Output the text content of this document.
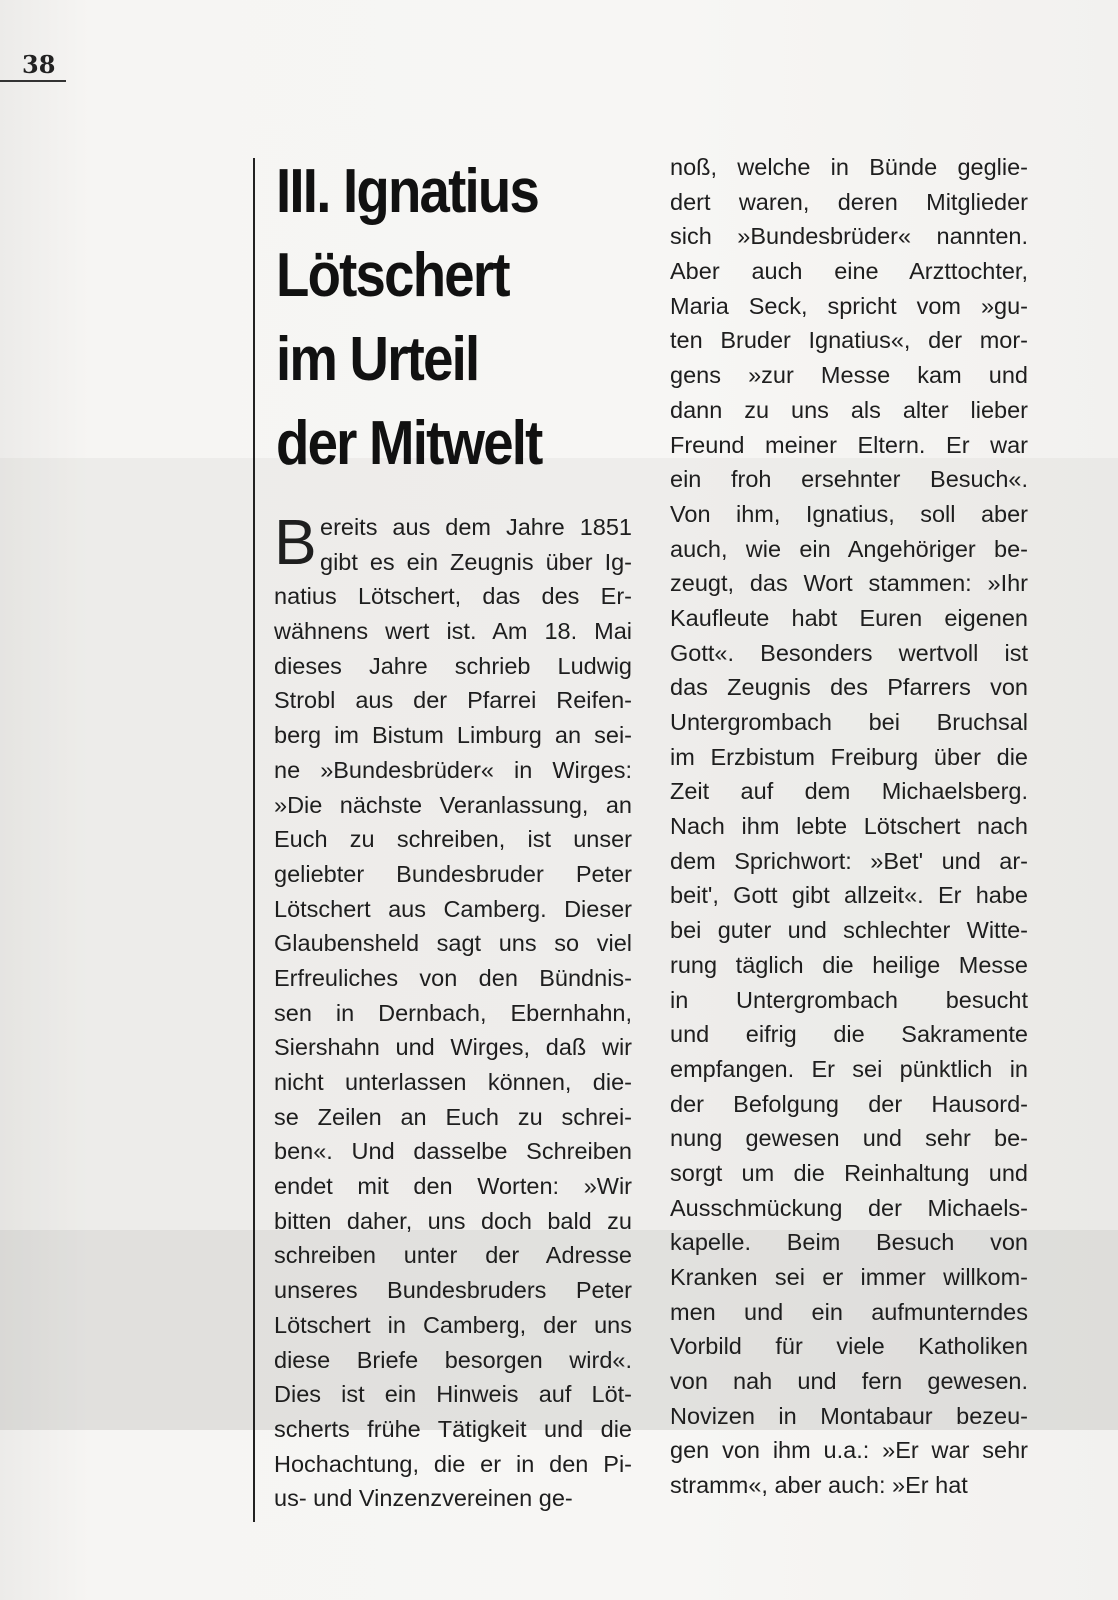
38
III. Ignatius
Lötschert
im Urteil
der Mitwelt
B ereits aus dem Jahre 1851
gibt es ein Zeugnis über Ig-
natius Lötschert, das des Er-
wähnens wert ist. Am 18. Mai
dieses Jahre schrieb Ludwig
Strobl aus der Pfarrei Reifen-
berg im Bistum Limburg an sei-
ne »Bundesbrüder« in Wirges:
»Die nächste Veranlassung, an
Euch zu schreiben, ist unser
geliebter Bundesbruder Peter
Lötschert aus Camberg. Dieser
Glaubensheld sagt uns so viel
Erfreuliches von den Bündnis-
sen in Dernbach, Ebernhahn,
Siershahn und Wirges, daß wir
nicht unterlassen können, die-
se Zeilen an Euch zu schrei-
ben«. Und dasselbe Schreiben
endet mit den Worten: »Wir
bitten daher, uns doch bald zu
schreiben unter der Adresse
unseres Bundesbruders Peter
Lötschert in Camberg, der uns
diese Briefe besorgen wird«.
Dies ist ein Hinweis auf Löt-
scherts frühe Tätigkeit und die
Hochachtung, die er in den Pi-
us- und Vinzenzvereinen ge-
noß, welche in Bünde geglie-
dert waren, deren Mitglieder
sich »Bundesbrüder« nannten.
Aber auch eine Arzttochter,
Maria Seck, spricht vom »gu-
ten Bruder Ignatius«, der mor-
gens »zur Messe kam und
dann zu uns als alter lieber
Freund meiner Eltern. Er war
ein froh ersehnter Besuch«.
Von ihm, Ignatius, soll aber
auch, wie ein Angehöriger be-
zeugt, das Wort stammen: »Ihr
Kaufleute habt Euren eigenen
Gott«. Besonders wertvoll ist
das Zeugnis des Pfarrers von
Untergrombach bei Bruchsal
im Erzbistum Freiburg über die
Zeit auf dem Michaelsberg.
Nach ihm lebte Lötschert nach
dem Sprichwort: »Bet' und ar-
beit', Gott gibt allzeit«. Er habe
bei guter und schlechter Witte-
rung täglich die heilige Messe
in Untergrombach besucht
und eifrig die Sakramente
empfangen. Er sei pünktlich in
der Befolgung der Hausord-
nung gewesen und sehr be-
sorgt um die Reinhaltung und
Ausschmückung der Michaels-
kapelle. Beim Besuch von
Kranken sei er immer willkom-
men und ein aufmunterndes
Vorbild für viele Katholiken
von nah und fern gewesen.
Novizen in Montabaur bezeu-
gen von ihm u.a.: »Er war sehr
stramm«, aber auch: »Er hat
